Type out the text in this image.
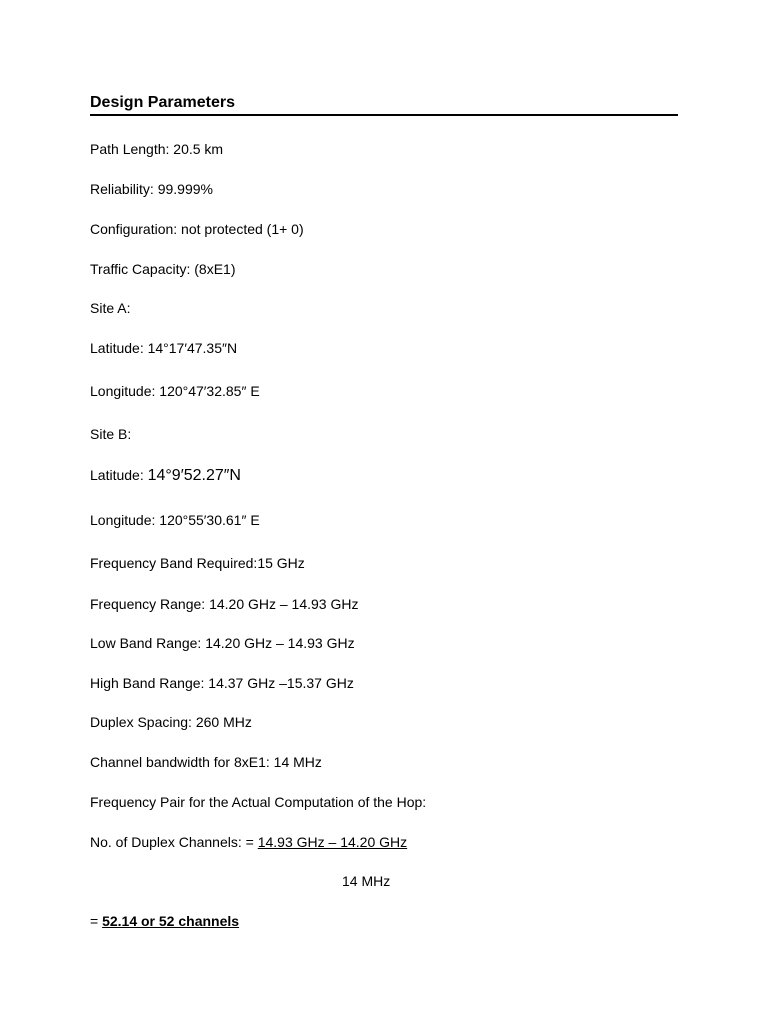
Design Parameters
Path Length: 20.5 km
Reliability: 99.999%
Configuration: not protected (1+ 0)
Traffic Capacity: (8xE1)
Site A:
Latitude: 14°17′47.35″N
Longitude: 120°47′32.85″ E
Site B:
Latitude: 14°9′52.27″N
Longitude: 120°55′30.61″ E
Frequency Band Required:15 GHz
Frequency Range: 14.20 GHz – 14.93 GHz
Low Band Range: 14.20 GHz – 14.93 GHz
High Band Range: 14.37 GHz –15.37 GHz
Duplex Spacing: 260 MHz
Channel bandwidth for 8xE1: 14 MHz
Frequency Pair for the Actual Computation of the Hop:
No. of Duplex Channels: = 14.93 GHz – 14.20 GHz
14 MHz
= 52.14 or 52 channels
